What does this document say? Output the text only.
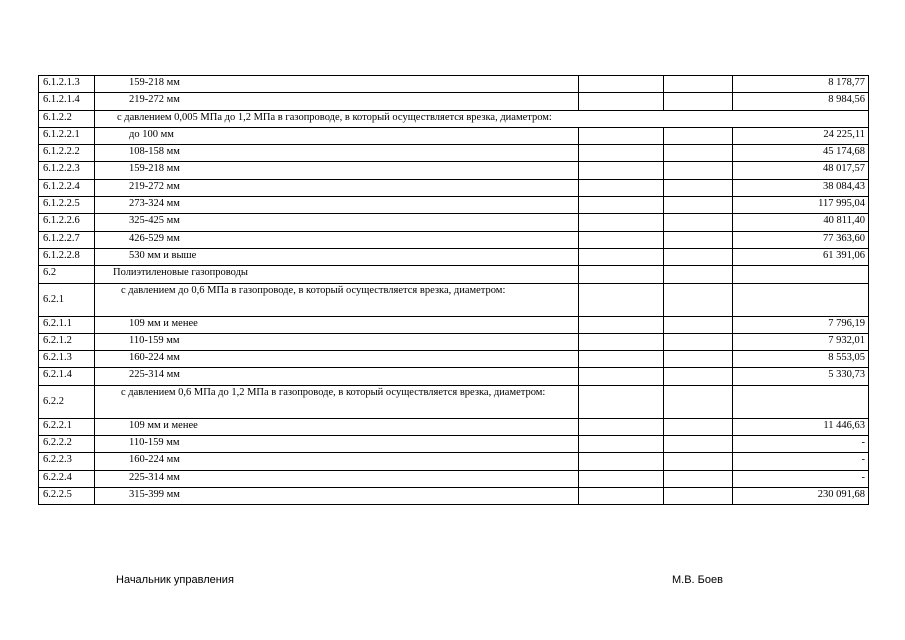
6.1.2.1.3	159-218 мм			8 178,77
6.1.2.1.4	219-272 мм			8 984,56
6.1.2.2	с давлением 0,005 МПа до 1,2 МПа в газопроводе, в который осуществляется врезка, диаметром:			
6.1.2.2.1	до 100 мм			24 225,11
6.1.2.2.2	108-158 мм			45 174,68
6.1.2.2.3	159-218 мм			48 017,57
6.1.2.2.4	219-272 мм			38 084,43
6.1.2.2.5	273-324 мм			117 995,04
6.1.2.2.6	325-425 мм			40 811,40
6.1.2.2.7	426-529 мм			77 363,60
6.1.2.2.8	530 мм и выше			61 391,06
6.2	Полиэтиленовые газопроводы			
6.2.1	с давлением до 0,6 МПа в газопроводе, в который осуществляется врезка, диаметром:			
6.2.1.1	109 мм и менее			7 796,19
6.2.1.2	110-159 мм			7 932,01
6.2.1.3	160-224 мм			8 553,05
6.2.1.4	225-314 мм			5 330,73
6.2.2	с давлением 0,6 МПа до 1,2 МПа в газопроводе, в который осуществляется врезка, диаметром:			
6.2.2.1	109 мм и менее			11 446,63
6.2.2.2	110-159 мм			-
6.2.2.3	160-224 мм			-
6.2.2.4	225-314 мм			-
6.2.2.5	315-399 мм			230 091,68
Начальник управления	М.В. Боев
